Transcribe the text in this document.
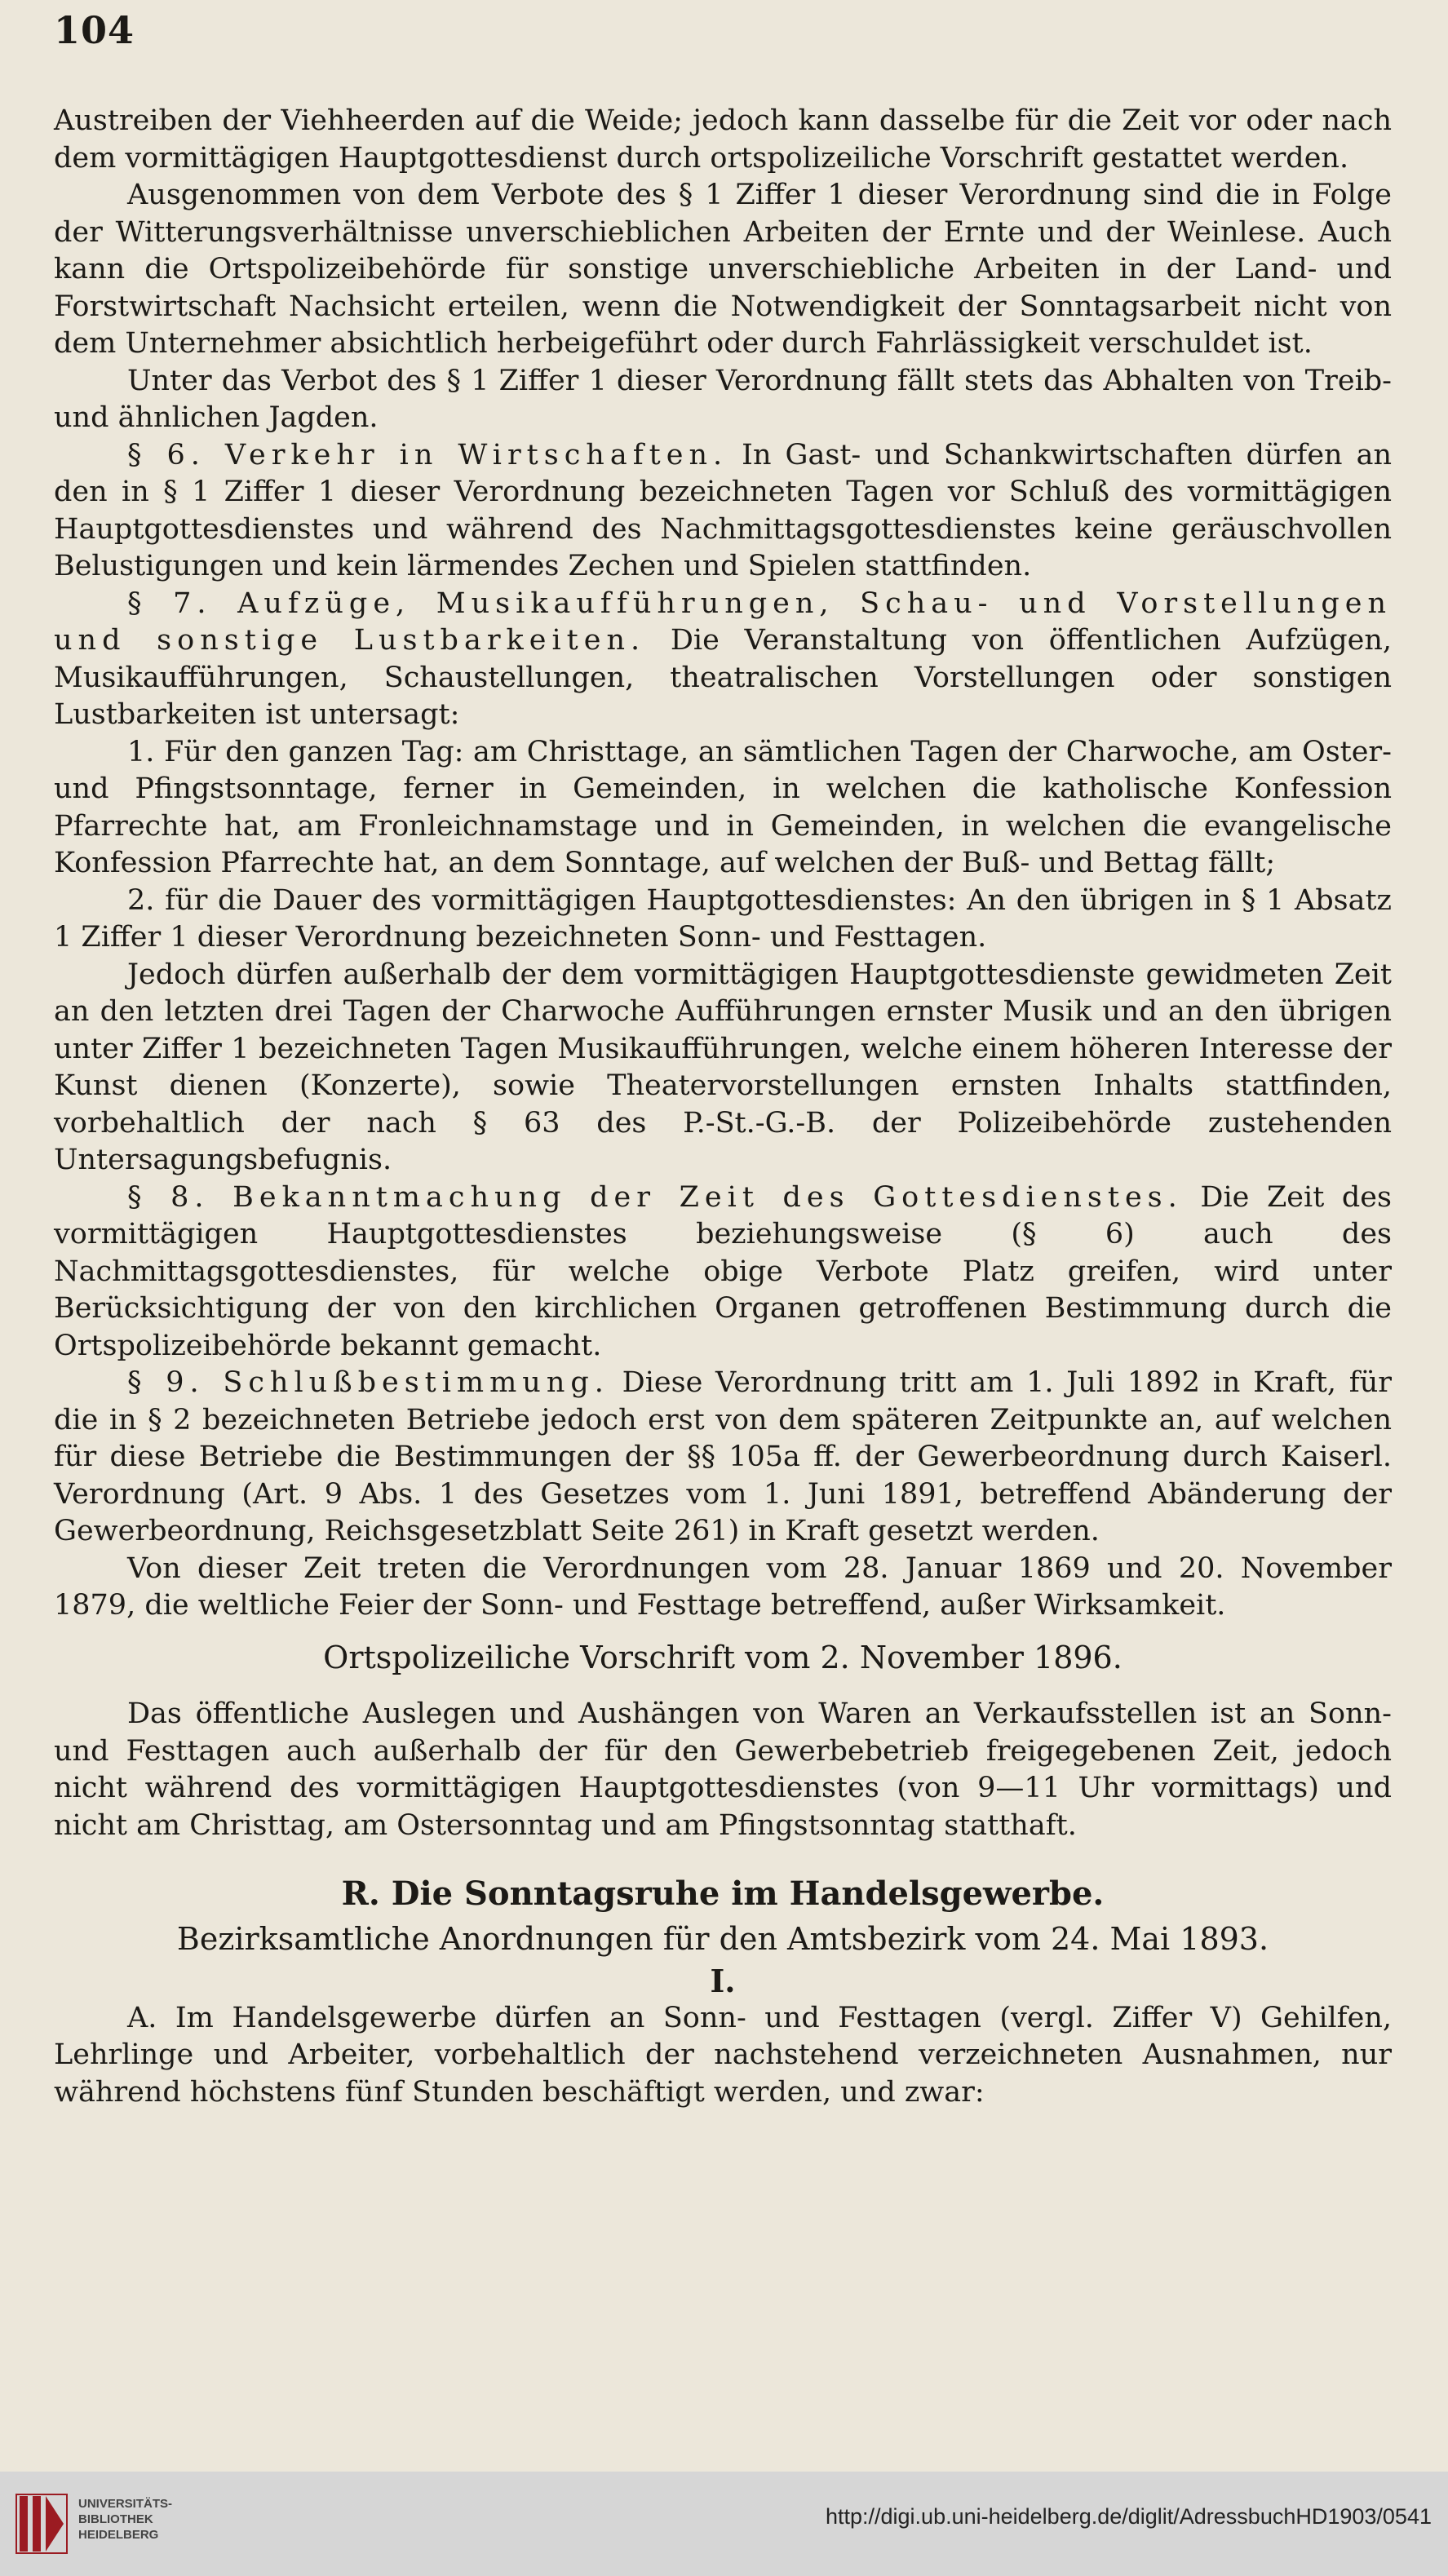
104

Austreiben der Viehheerden auf die Weide; jedoch kann dasselbe für die Zeit vor oder nach dem vormittägigen Hauptgottesdienst durch ortspolizeiliche Vorschrift gestattet werden.

Ausgenommen von dem Verbote des § 1 Ziffer 1 dieser Verordnung sind die in Folge der Witterungsverhältnisse unverschieblichen Arbeiten der Ernte und der Weinlese. Auch kann die Ortspolizeibehörde für sonstige unverschiebliche Arbeiten in der Land- und Forstwirtschaft Nachsicht erteilen, wenn die Notwendigkeit der Sonntagsarbeit nicht von dem Unternehmer absichtlich herbeigeführt oder durch Fahrlässigkeit verschuldet ist.

Unter das Verbot des § 1 Ziffer 1 dieser Verordnung fällt stets das Abhalten von Treib- und ähnlichen Jagden.

§ 6. Verkehr in Wirtschaften. In Gast- und Schankwirtschaften dürfen an den in § 1 Ziffer 1 dieser Verordnung bezeichneten Tagen vor Schluß des vormittägigen Hauptgottesdienstes und während des Nachmittagsgottesdienstes keine geräuschvollen Belustigungen und kein lärmendes Zechen und Spielen stattfinden.

§ 7. Aufzüge, Musikaufführungen, Schau- und Vorstellungen und sonstige Lustbarkeiten. Die Veranstaltung von öffentlichen Aufzügen, Musikaufführungen, Schaustellungen, theatralischen Vorstellungen oder sonstigen Lustbarkeiten ist untersagt:

1. Für den ganzen Tag: am Christtage, an sämtlichen Tagen der Charwoche, am Oster- und Pfingstsonntage, ferner in Gemeinden, in welchen die katholische Konfession Pfarrechte hat, am Fronleichnamstage und in Gemeinden, in welchen die evangelische Konfession Pfarrechte hat, an dem Sonntage, auf welchen der Buß- und Bettag fällt;

2. für die Dauer des vormittägigen Hauptgottesdienstes: An den übrigen in § 1 Absatz 1 Ziffer 1 dieser Verordnung bezeichneten Sonn- und Festtagen.

Jedoch dürfen außerhalb der dem vormittägigen Hauptgottesdienste gewidmeten Zeit an den letzten drei Tagen der Charwoche Aufführungen ernster Musik und an den übrigen unter Ziffer 1 bezeichneten Tagen Musikaufführungen, welche einem höheren Interesse der Kunst dienen (Konzerte), sowie Theatervorstellungen ernsten Inhalts stattfinden, vorbehaltlich der nach § 63 des P.-St.-G.-B. der Polizeibehörde zustehenden Untersagungsbefugnis.

§ 8. Bekanntmachung der Zeit des Gottesdienstes. Die Zeit des vormittägigen Hauptgottesdienstes beziehungsweise (§ 6) auch des Nachmittagsgottesdienstes, für welche obige Verbote Platz greifen, wird unter Berücksichtigung der von den kirchlichen Organen getroffenen Bestimmung durch die Ortspolizeibehörde bekannt gemacht.

§ 9. Schlußbestimmung. Diese Verordnung tritt am 1. Juli 1892 in Kraft, für die in § 2 bezeichneten Betriebe jedoch erst von dem späteren Zeitpunkte an, auf welchen für diese Betriebe die Bestimmungen der §§ 105a ff. der Gewerbeordnung durch Kaiserl. Verordnung (Art. 9 Abs. 1 des Gesetzes vom 1. Juni 1891, betreffend Abänderung der Gewerbeordnung, Reichsgesetzblatt Seite 261) in Kraft gesetzt werden.

Von dieser Zeit treten die Verordnungen vom 28. Januar 1869 und 20. November 1879, die weltliche Feier der Sonn- und Festtage betreffend, außer Wirksamkeit.

Ortspolizeiliche Vorschrift vom 2. November 1896.

Das öffentliche Auslegen und Aushängen von Waren an Verkaufsstellen ist an Sonn- und Festtagen auch außerhalb der für den Gewerbebetrieb freigegebenen Zeit, jedoch nicht während des vormittägigen Hauptgottesdienstes (von 9—11 Uhr vormittags) und nicht am Christtag, am Ostersonntag und am Pfingstsonntag statthaft.

R. Die Sonntagsruhe im Handelsgewerbe.

Bezirksamtliche Anordnungen für den Amtsbezirk vom 24. Mai 1893.

I.

A. Im Handelsgewerbe dürfen an Sonn- und Festtagen (vergl. Ziffer V) Gehilfen, Lehrlinge und Arbeiter, vorbehaltlich der nachstehend verzeichneten Ausnahmen, nur während höchstens fünf Stunden beschäftigt werden, und zwar:

UNIVERSITÄTS-
BIBLIOTHEK
HEIDELBERG
http://digi.ub.uni-heidelberg.de/diglit/AdressbuchHD1903/0541
